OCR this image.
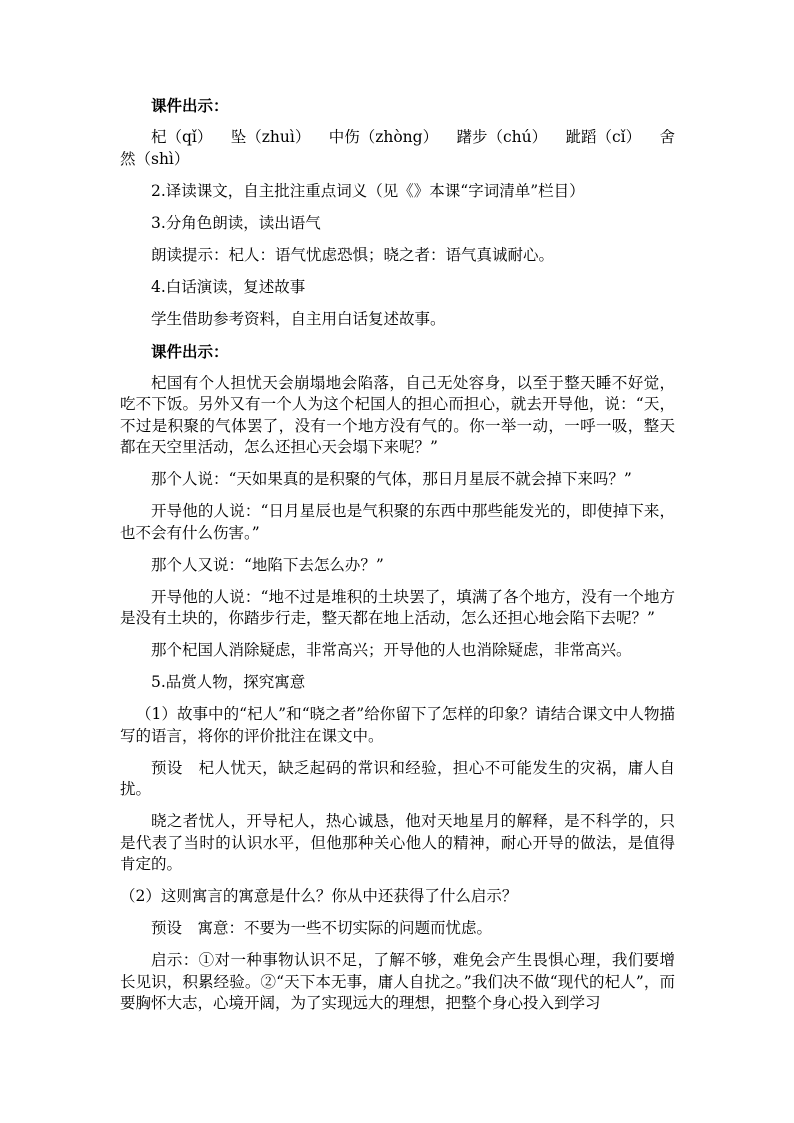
课件出示：

杞（qǐ） 坠（zhuì） 中伤（zhòng） 躇步（chú） 跐蹈（cǐ） 舍
然（shì）

2.译读课文，自主批注重点词义（见《》本课“字词清单”栏目）

3.分角色朗读，读出语气

朗读提示：杞人：语气忧虑恐惧；晓之者：语气真诚耐心。

4.白话演读，复述故事

学生借助参考资料，自主用白话复述故事。

课件出示：

杞国有个人担忧天会崩塌地会陷落，自己无处容身，以至于整天睡不好觉，吃不下饭。另外又有一个人为这个杞国人的担心而担心，就去开导他，说：“天，不过是积聚的气体罢了，没有一个地方没有气的。你一举一动，一呼一吸，整天都在天空里活动，怎么还担心天会塌下来呢？”

那个人说：“天如果真的是积聚的气体，那日月星辰不就会掉下来吗？”

开导他的人说：“日月星辰也是气积聚的东西中那些能发光的，即使掉下来，也不会有什么伤害。”

那个人又说：“地陷下去怎么办？”

开导他的人说：“地不过是堆积的土块罢了，填满了各个地方，没有一个地方是没有土块的，你踏步行走，整天都在地上活动，怎么还担心地会陷下去呢？”

那个杞国人消除疑虑，非常高兴；开导他的人也消除疑虑，非常高兴。

5.品赏人物，探究寓意

（1）故事中的“杞人”和“晓之者”给你留下了怎样的印象？请结合课文中人物描写的语言，将你的评价批注在课文中。

预设　杞人忧天，缺乏起码的常识和经验，担心不可能发生的灾祸，庸人自扰。

晓之者忧人，开导杞人，热心诚恳，他对天地星月的解释，是不科学的，只是代表了当时的认识水平，但他那种关心他人的精神，耐心开导的做法，是值得肯定的。

（2）这则寓言的寓意是什么？你从中还获得了什么启示？

预设　寓意：不要为一些不切实际的问题而忧虑。

启示：①对一种事物认识不足，了解不够，难免会产生畏惧心理，我们要增长见识，积累经验。②“天下本无事，庸人自扰之。”我们决不做“现代的杞人”，而要胸怀大志，心境开阔，为了实现远大的理想，把整个身心投入到学习
